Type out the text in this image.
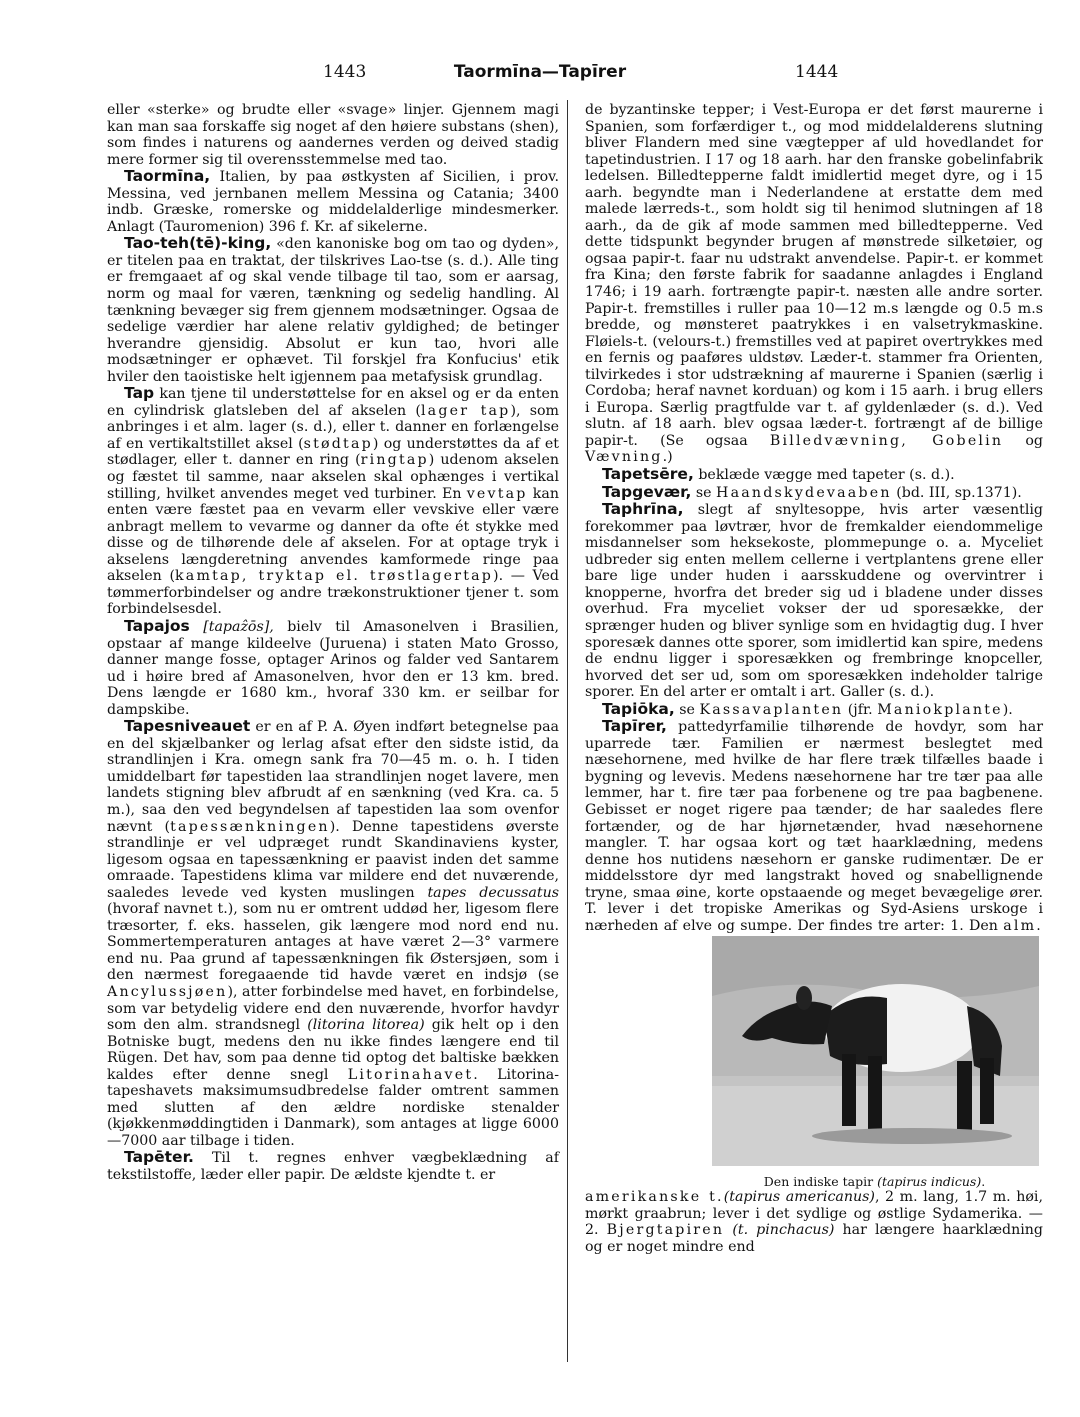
1443	Taormīna—Tapīrer	1444

eller «sterke» og brudte eller «svage» linjer. Gjennem magi kan man saa forskaffe sig noget af den høiere substans (shen), som findes i naturens og aandernes verden og deived stadig mere former sig til overensstemmelse med tao.

Taormīna, Italien, by paa østkysten af Sicilien, i prov. Messina, ved jernbanen mellem Messina og Catania; 3400 indb. Græske, romerske og middelalderlige mindesmerker. Anlagt (Tauromenion) 396 f. Kr. af sikelerne.

Tao-teh(tē)-king, «den kanoniske bog om tao og dyden», er titelen paa en traktat, der tilskrives Lao-tse (s. d.). Alle ting er fremgaaet af og skal vende tilbage til tao, som er aarsag, norm og maal for væren, tænkning og sedelig handling. Al tænkning bevæger sig frem gjennem modsætninger. Ogsaa de sedelige værdier har alene relativ gyldighed; de betinger hverandre gjensidig. Absolut er kun tao, hvori alle modsætninger er ophævet. Til forskjel fra Konfucius' etik hviler den taoistiske helt igjennem paa metafysisk grundlag.

Tap kan tjene til understøttelse for en aksel og er da enten en cylindrisk glatsleben del af akselen (lager tap), som anbringes i et alm. lager (s. d.), eller t. danner en forlængelse af en vertikaltstillet aksel (stødtap) og understøttes da af et stødlager, eller t. danner en ring (ringtap) udenom akselen og fæstet til samme, naar akselen skal ophænges i vertikal stilling, hvilket anvendes meget ved turbiner. En vevtap kan enten være fæstet paa en vevarm eller vevskive eller være anbragt mellem to vevarme og danner da ofte ét stykke med disse og de tilhørende dele af akselen. For at optage tryk i akselens længderetning anvendes kamformede ringe paa akselen (kamtap, tryktap el. trøstlagertap). — Ved tømmerforbindelser og andre trækonstruktioner tjener t. som forbindelsesdel.

Tapajos [tapaẑōs], bielv til Amasonelven i Brasilien, opstaar af mange kildeelve (Juruena) i staten Mato Grosso, danner mange fosse, optager Arinos og falder ved Santarem ud i høire bred af Amasonelven, hvor den er 13 km. bred. Dens længde er 1680 km., hvoraf 330 km. er seilbar for dampskibe.

Tapesniveauet er en af P. A. Øyen indført betegnelse paa en del skjælbanker og lerlag afsat efter den sidste istid, da strandlinjen i Kra. omegn sank fra 70—45 m. o. h. I tiden umiddelbart før tapestiden laa strandlinjen noget lavere, men landets stigning blev afbrudt af en sænkning (ved Kra. ca. 5 m.), saa den ved begyndelsen af tapestiden laa som ovenfor nævnt (tapessænkningen). Denne tapestidens øverste strandlinje er vel udpræget rundt Skandinaviens kyster, ligesom ogsaa en tapessænkning er paavist inden det samme omraade. Tapestidens klima var mildere end det nuværende, saaledes levede ved kysten muslingen tapes decussatus (hvoraf navnet t.), som nu er omtrent uddød her, ligesom flere træsorter, f. eks. hasselen, gik længere mod nord end nu. Sommertemperaturen antages at have været 2—3° varmere end nu. Paa grund af tapessænkningen fik Østersjøen, som i den nærmest foregaaende tid havde været en indsjø (se Ancylussjøen), atter forbindelse med havet, en forbindelse, som var betydelig videre end den nuværende, hvorfor havdyr som den alm. strandsnegl (litorina litorea) gik helt op i den Botniske bugt, medens den nu ikke findes længere end til Rügen. Det hav, som paa denne tid optog det baltiske bækken kaldes efter denne snegl Litorinahavet. Litorina-tapeshavets maksimumsudbredelse falder omtrent sammen med slutten af den ældre nordiske stenalder (kjøkkenmøddingtiden i Danmark), som antages at ligge 6000—7000 aar tilbage i tiden.

Tapēter. Til t. regnes enhver vægbeklædning af tekstilstoffe, læder eller papir. De ældste kjendte t. er

de byzantinske tepper; i Vest-Europa er det først maurerne i Spanien, som forfærdiger t., og mod middelalderens slutning bliver Flandern med sine vægtepper af uld hovedlandet for tapetindustrien. I 17 og 18 aarh. har den franske gobelinfabrik ledelsen. Billedtepperne faldt imidlertid meget dyre, og i 15 aarh. begyndte man i Nederlandene at erstatte dem med malede lærreds-t., som holdt sig til henimod slutningen af 18 aarh., da de gik af mode sammen med billedtepperne. Ved dette tidspunkt begynder brugen af mønstrede silketøier, og ogsaa papir-t. faar nu udstrakt anvendelse. Papir-t. er kommet fra Kina; den første fabrik for saadanne anlagdes i England 1746; i 19 aarh. fortrængte papir-t. næsten alle andre sorter. Papir-t. fremstilles i ruller paa 10—12 m.s længde og 0.5 m.s bredde, og mønsteret paatrykkes i en valsetrykmaskine. Fløiels-t. (velours-t.) fremstilles ved at papiret overtrykkes med en fernis og paaføres uldstøv. Læder-t. stammer fra Orienten, tilvirkedes i stor udstrækning af maurerne i Spanien (særlig i Cordoba; heraf navnet korduan) og kom i 15 aarh. i brug ellers i Europa. Særlig pragtfulde var t. af gyldenlæder (s. d.). Ved slutn. af 18 aarh. blev ogsaa læder-t. fortrængt af de billige papir-t. (Se ogsaa Billedvævning, Gobelin og Vævning.)

Tapetsēre, beklæde vægge med tapeter (s. d.).

Tapgevær, se Haandskydevaaben (bd. III, sp.1371).

Taphrīna, slegt af snyltesoppe, hvis arter væsentlig forekommer paa løvtrær, hvor de fremkalder eiendommelige misdannelser som heksekoste, plommepunge o. a. Myceliet udbreder sig enten mellem cellerne i vertplantens grene eller bare lige under huden i aarsskuddene og overvintrer i knopperne, hvorfra det breder sig ud i bladene under disses overhud. Fra myceliet vokser der ud sporesække, der sprænger huden og bliver synlige som en hvidagtig dug. I hver sporesæk dannes otte sporer, som imidlertid kan spire, medens de endnu ligger i sporesækken og frembringe knopceller, hvorved det ser ud, som om sporesækken indeholder talrige sporer. En del arter er omtalt i art. Galler (s. d.).

Tapiōka, se Kassavaplanten (jfr. Maniokplante).

Tapīrer, pattedyrfamilie tilhørende de hovdyr, som har uparrede tær. Familien er nærmest beslegtet med næsehornene, med hvilke de har flere træk tilfælles baade i bygning og levevis. Medens næsehornene har tre tær paa alle lemmer, har t. fire tær paa forbenene og tre paa bagbenene. Gebisset er noget rigere paa tænder; de har saaledes flere fortænder, og de har hjørnetænder, hvad næsehornene mangler. T. har ogsaa kort og tæt haarklædning, medens denne hos nutidens næsehorn er ganske rudimentær. De er middelsstore dyr med langstrakt hoved og snabellignende tryne, smaa øine, korte opstaaende og meget bevægelige ører. T. lever i det tropiske Amerikas og Syd-Asiens urskoge i nærheden af elve og sumpe. Der findes tre arter: 1. Den
Den indiske tapir (tapirus indicus).
alm. amerikanske t.(tapirus americanus), 2 m. lang, 1.7 m. høi, mørkt graabrun; lever i det sydlige og østlige Sydamerika. — 2. Bjergtapiren (t. pinchacus) har længere haarklædning og er noget mindre end
